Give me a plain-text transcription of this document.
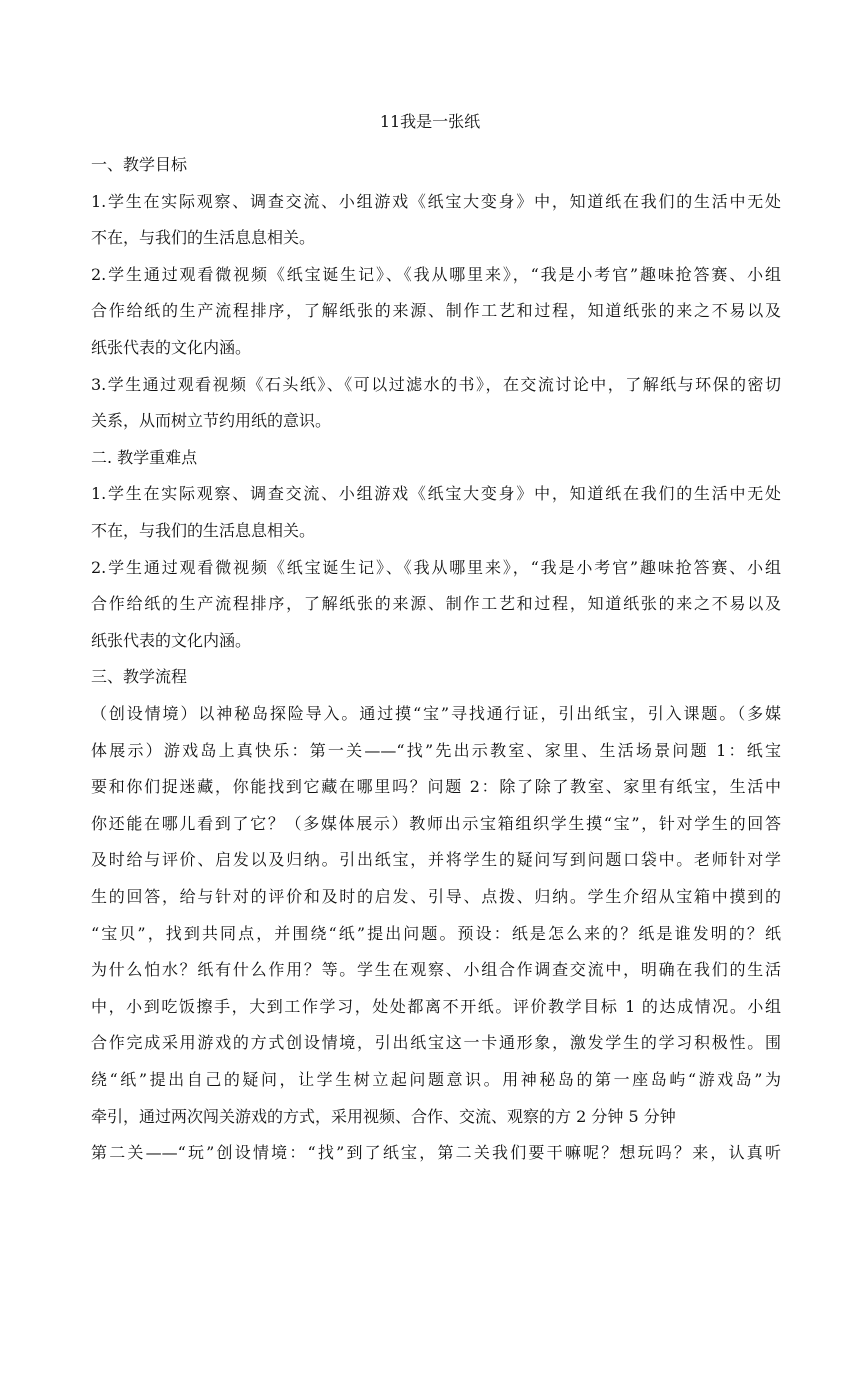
11我是一张纸
一、教学目标
1.学生在实际观察、调查交流、小组游戏《纸宝大变身》中，知道纸在我们的生活中无处
不在，与我们的生活息息相关。
2.学生通过观看微视频《纸宝诞生记》、《我从哪里来》，“我是小考官”趣味抢答赛、小组
合作给纸的生产流程排序，了解纸张的来源、制作工艺和过程，知道纸张的来之不易以及
纸张代表的文化内涵。
3.学生通过观看视频《石头纸》、《可以过滤水的书》，在交流讨论中，了解纸与环保的密切
关系，从而树立节约用纸的意识。
二. 教学重难点
1.学生在实际观察、调查交流、小组游戏《纸宝大变身》中，知道纸在我们的生活中无处
不在，与我们的生活息息相关。
2.学生通过观看微视频《纸宝诞生记》、《我从哪里来》，“我是小考官”趣味抢答赛、小组
合作给纸的生产流程排序，了解纸张的来源、制作工艺和过程，知道纸张的来之不易以及
纸张代表的文化内涵。
三、教学流程
（创设情境）以神秘岛探险导入。通过摸“宝”寻找通行证，引出纸宝，引入课题。（多媒
体展示）游戏岛上真快乐：第一关——“找”先出示教室、家里、生活场景问题 1：纸宝
要和你们捉迷藏，你能找到它藏在哪里吗？问题 2：除了除了教室、家里有纸宝，生活中
你还能在哪儿看到了它？（多媒体展示）教师出示宝箱组织学生摸“宝”，针对学生的回答
及时给与评价、启发以及归纳。引出纸宝，并将学生的疑问写到问题口袋中。老师针对学
生的回答，给与针对的评价和及时的启发、引导、点拨、归纳。学生介绍从宝箱中摸到的
“宝贝”，找到共同点，并围绕“纸”提出问题。预设：纸是怎么来的？纸是谁发明的？纸
为什么怕水？纸有什么作用？等。学生在观察、小组合作调查交流中，明确在我们的生活
中，小到吃饭擦手，大到工作学习，处处都离不开纸。评价教学目标 1 的达成情况。小组
合作完成采用游戏的方式创设情境，引出纸宝这一卡通形象，激发学生的学习积极性。围
绕“纸”提出自己的疑问，让学生树立起问题意识。用神秘岛的第一座岛屿“游戏岛”为
牵引，通过两次闯关游戏的方式，采用视频、合作、交流、观察的方 2 分钟 5 分钟
第二关——“玩”创设情境：“找”到了纸宝，第二关我们要干嘛呢？想玩吗？来，认真听
